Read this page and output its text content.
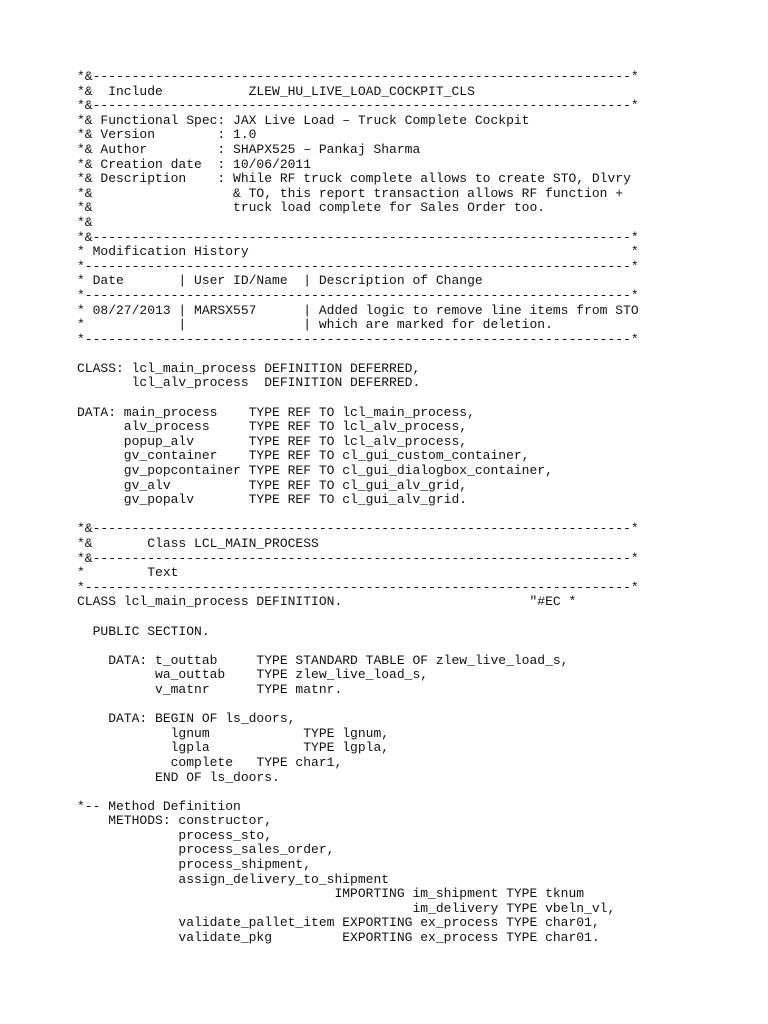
*&---------------------------------------------------------------------*
*&  Include           ZLEW_HU_LIVE_LOAD_COCKPIT_CLS
*&---------------------------------------------------------------------*
*& Functional Spec: JAX Live Load – Truck Complete Cockpit
*& Version        : 1.0
*& Author         : SHAPX525 – Pankaj Sharma
*& Creation date  : 10/06/2011
*& Description    : While RF truck complete allows to create STO, Dlvry
*&                  & TO, this report transaction allows RF function +
*&                  truck load complete for Sales Order too.
*&
*&---------------------------------------------------------------------*
* Modification History                                                 *
*----------------------------------------------------------------------*
* Date       | User ID/Name  | Description of Change
*----------------------------------------------------------------------*
* 08/27/2013 | MARSX557      | Added logic to remove line items from STO
*            |               | which are marked for deletion.
*----------------------------------------------------------------------*
CLASS: lcl_main_process DEFINITION DEFERRED,
lcl_alv_process  DEFINITION DEFERRED.
DATA: main_process    TYPE REF TO lcl_main_process,
alv_process     TYPE REF TO lcl_alv_process,
popup_alv       TYPE REF TO lcl_alv_process,
gv_container    TYPE REF TO cl_gui_custom_container,
gv_popcontainer TYPE REF TO cl_gui_dialogbox_container,
gv_alv          TYPE REF TO cl_gui_alv_grid,
gv_popalv       TYPE REF TO cl_gui_alv_grid.
*&---------------------------------------------------------------------*
*&       Class LCL_MAIN_PROCESS
*&---------------------------------------------------------------------*
*        Text
*----------------------------------------------------------------------*
CLASS lcl_main_process DEFINITION.                        "#EC *
PUBLIC SECTION.
DATA: t_outtab     TYPE STANDARD TABLE OF zlew_live_load_s,
wa_outtab    TYPE zlew_live_load_s,
v_matnr      TYPE matnr.
DATA: BEGIN OF ls_doors,
lgnum            TYPE lgnum,
lgpla            TYPE lgpla,
complete   TYPE char1,
END OF ls_doors.
*-- Method Definition
METHODS: constructor,
process_sto,
process_sales_order,
process_shipment,
assign_delivery_to_shipment
IMPORTING im_shipment TYPE tknum
im_delivery TYPE vbeln_vl,
validate_pallet_item EXPORTING ex_process TYPE char01,
validate_pkg         EXPORTING ex_process TYPE char01.
